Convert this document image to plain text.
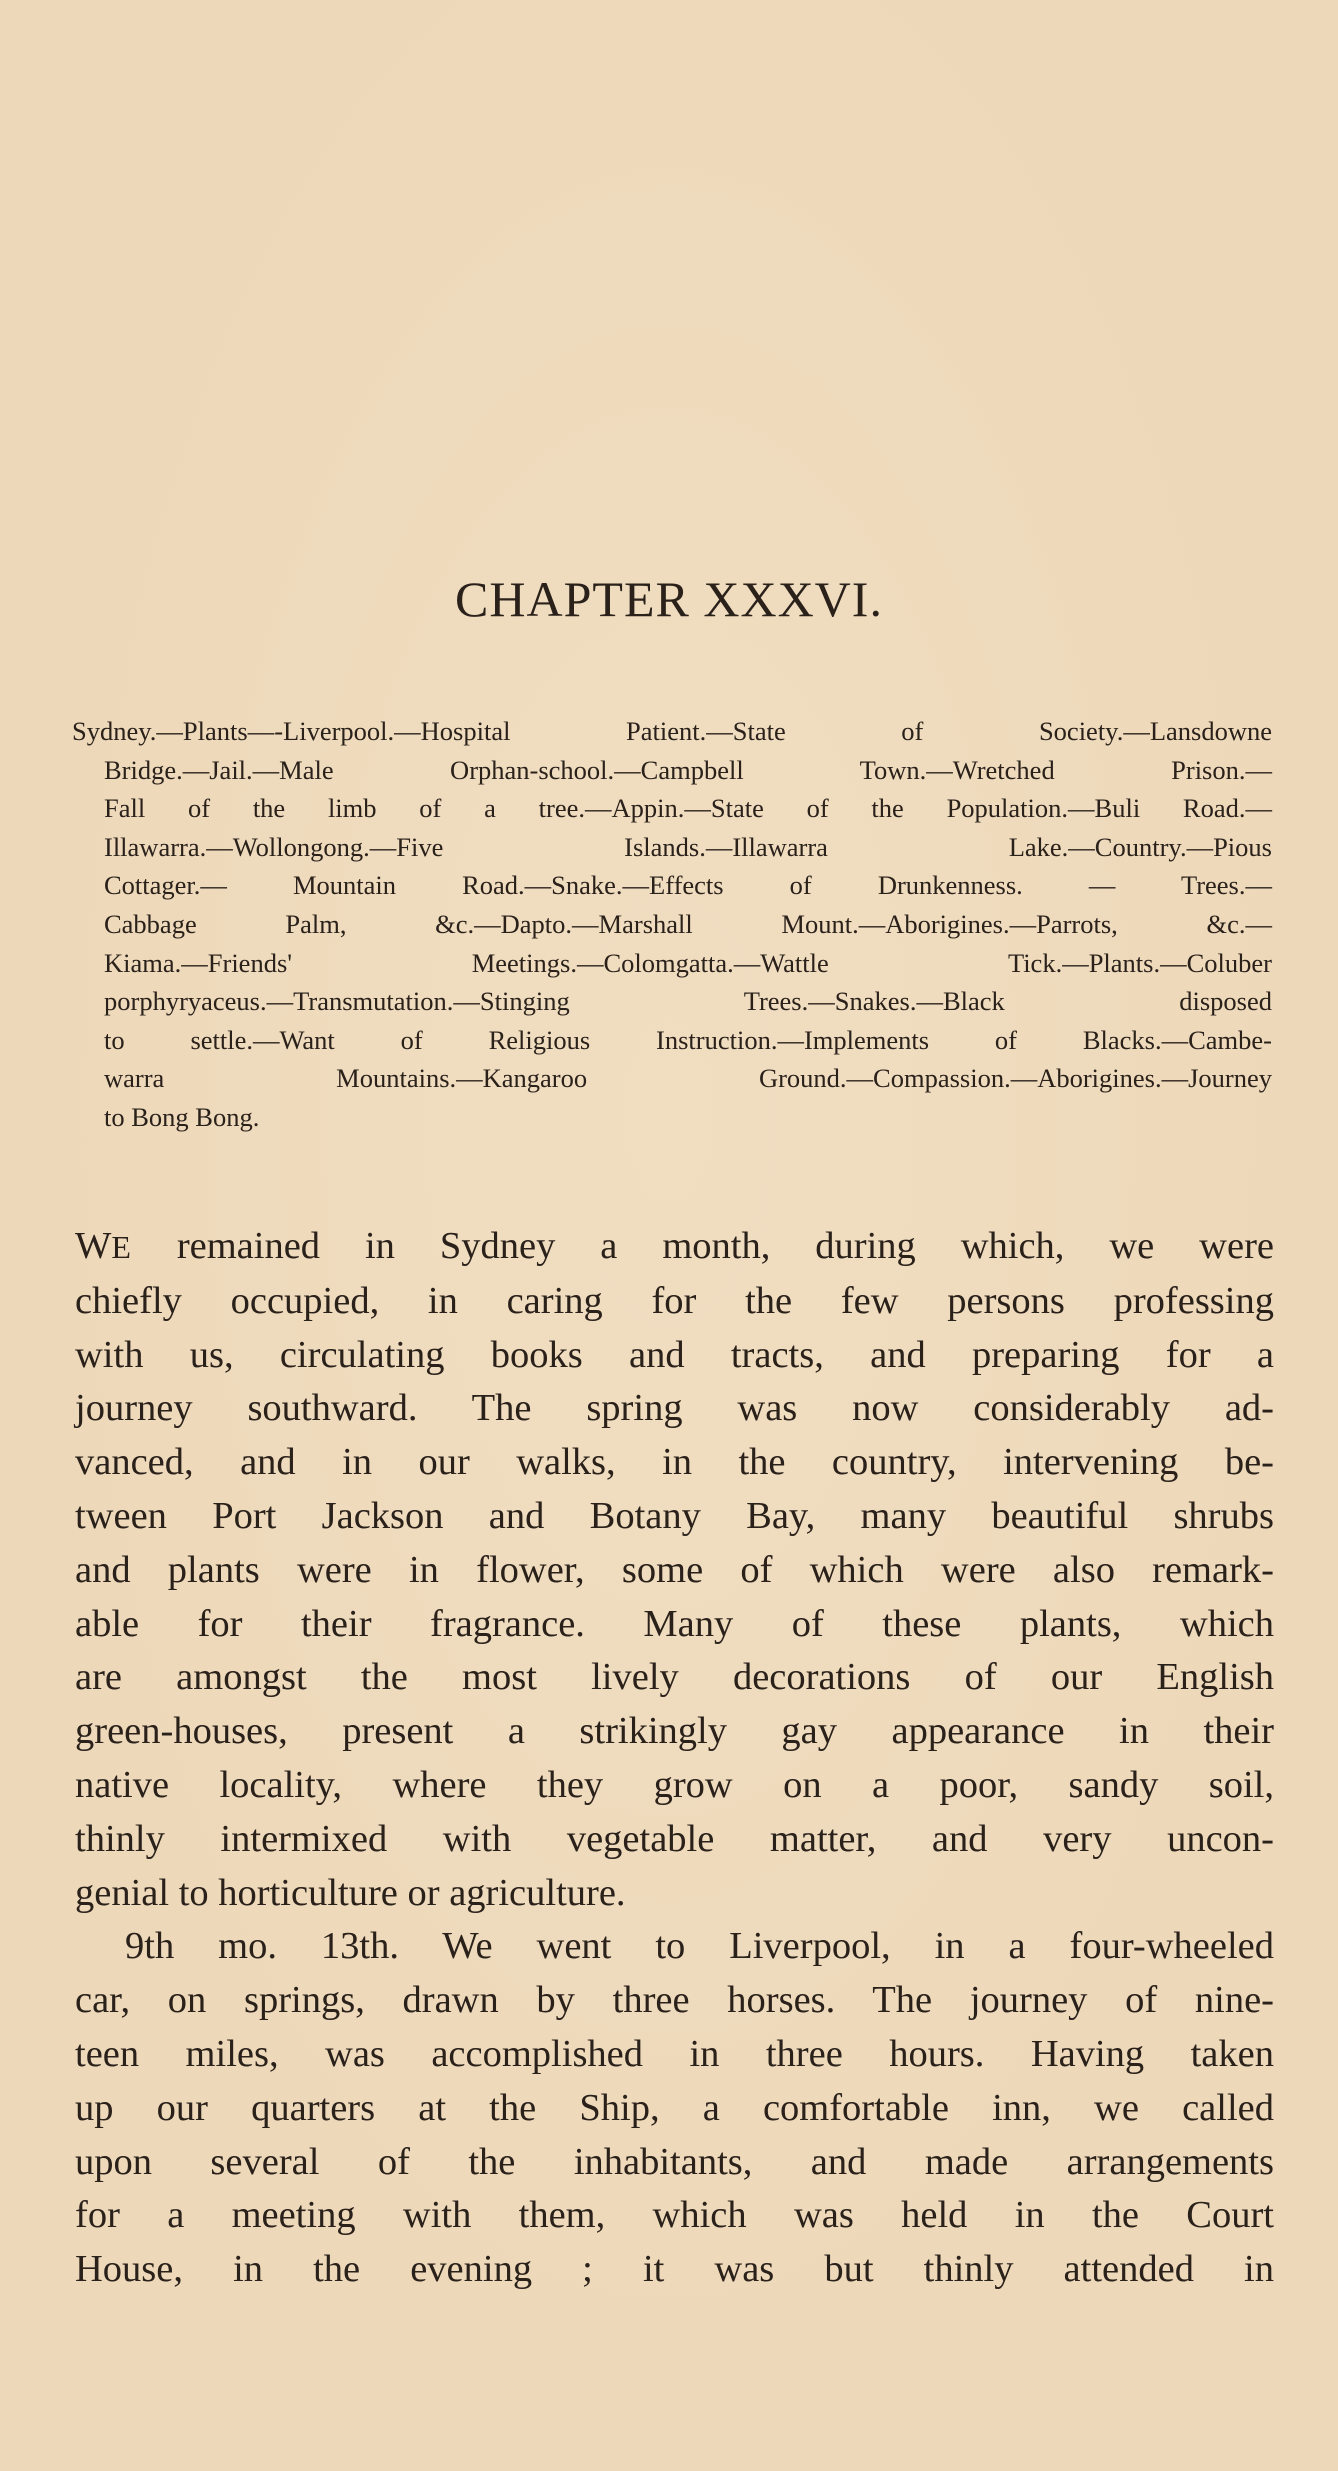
CHAPTER XXXVI.
Sydney.—Plants—-Liverpool.—Hospital Patient.—State of Society.—Lansdowne
Bridge.—Jail.—Male Orphan-school.—Campbell Town.—Wretched Prison.—
Fall of the limb of a tree.—Appin.—State of the Population.—Buli Road.—
Illawarra.—Wollongong.—Five Islands.—Illawarra Lake.—Country.—Pious
Cottager.— Mountain Road.—Snake.—Effects of Drunkenness. — Trees.—
Cabbage Palm, &c.—Dapto.—Marshall Mount.—Aborigines.—Parrots, &c.—
Kiama.—Friends' Meetings.—Colomgatta.—Wattle Tick.—Plants.—Coluber
porphyryaceus.—Transmutation.—Stinging Trees.—Snakes.—Black disposed
to settle.—Want of Religious Instruction.—Implements of Blacks.—Cambe-
warra Mountains.—Kangaroo Ground.—Compassion.—Aborigines.—Journey
to Bong Bong.
WE remained in Sydney a month, during which, we were
chiefly occupied, in caring for the few persons professing
with us, circulating books and tracts, and preparing for a
journey southward. The spring was now considerably ad-
vanced, and in our walks, in the country, intervening be-
tween Port Jackson and Botany Bay, many beautiful shrubs
and plants were in flower, some of which were also remark-
able for their fragrance. Many of these plants, which
are amongst the most lively decorations of our English
green-houses, present a strikingly gay appearance in their
native locality, where they grow on a poor, sandy soil,
thinly intermixed with vegetable matter, and very uncon-
genial to horticulture or agriculture.
9th mo. 13th. We went to Liverpool, in a four-wheeled
car, on springs, drawn by three horses. The journey of nine-
teen miles, was accomplished in three hours. Having taken
up our quarters at the Ship, a comfortable inn, we called
upon several of the inhabitants, and made arrangements
for a meeting with them, which was held in the Court
House, in the evening ; it was but thinly attended in
